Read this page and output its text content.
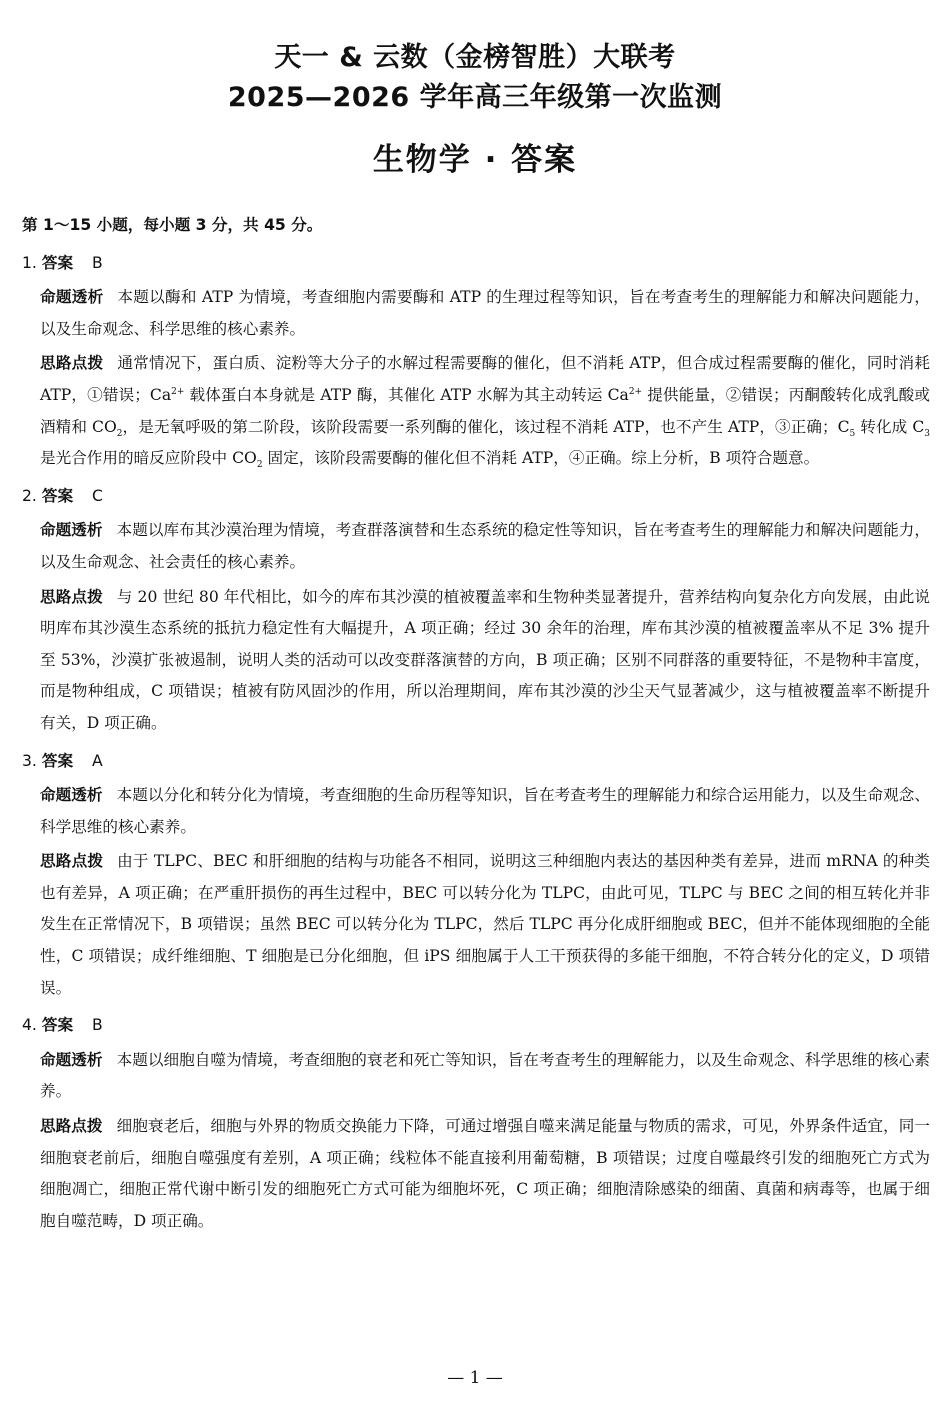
天一 & 云数（金榜智胜）大联考
2025—2026 学年高三年级第一次监测
生物学 · 答案
第 1～15 小题，每小题 3 分，共 45 分。
1. 答案 B
命题透析 本题以酶和 ATP 为情境，考查细胞内需要酶和 ATP 的生理过程等知识，旨在考查考生的理解能力和解决问题能力，以及生命观念、科学思维的核心素养。
思路点拨 通常情况下，蛋白质、淀粉等大分子的水解过程需要酶的催化，但不消耗 ATP，但合成过程需要酶的催化，同时消耗 ATP，①错误；$Ca^{2+}$ 载体蛋白本身就是 ATP 酶，其催化 ATP 水解为其主动转运 $Ca^{2+}$ 提供能量，②错误；丙酮酸转化成乳酸或酒精和 $CO_2$，是无氧呼吸的第二阶段，该阶段需要一系列酶的催化，该过程不消耗 ATP，也不产生 ATP，③正确；$C_5$ 转化成 $C_3$ 是光合作用的暗反应阶段中 $CO_2$ 固定，该阶段需要酶的催化但不消耗 ATP，④正确。综上分析，B 项符合题意。
2. 答案 C
命题透析 本题以库布其沙漠治理为情境，考查群落演替和生态系统的稳定性等知识，旨在考查考生的理解能力和解决问题能力，以及生命观念、社会责任的核心素养。
思路点拨 与 20 世纪 80 年代相比，如今的库布其沙漠的植被覆盖率和生物种类显著提升，营养结构向复杂化方向发展，由此说明库布其沙漠生态系统的抵抗力稳定性有大幅提升，A 项正确；经过 30 余年的治理，库布其沙漠的植被覆盖率从不足 3% 提升至 53%，沙漠扩张被遏制，说明人类的活动可以改变群落演替的方向，B 项正确；区别不同群落的重要特征，不是物种丰富度，而是物种组成，C 项错误；植被有防风固沙的作用，所以治理期间，库布其沙漠的沙尘天气显著减少，这与植被覆盖率不断提升有关，D 项正确。
3. 答案 A
命题透析 本题以分化和转分化为情境，考查细胞的生命历程等知识，旨在考查考生的理解能力和综合运用能力，以及生命观念、科学思维的核心素养。
思路点拨 由于 TLPC、BEC 和肝细胞的结构与功能各不相同，说明这三种细胞内表达的基因种类有差异，进而 mRNA 的种类也有差异，A 项正确；在严重肝损伤的再生过程中，BEC 可以转分化为 TLPC，由此可见，TLPC 与 BEC 之间的相互转化并非发生在正常情况下，B 项错误；虽然 BEC 可以转分化为 TLPC，然后 TLPC 再分化成肝细胞或 BEC，但并不能体现细胞的全能性，C 项错误；成纤维细胞、T 细胞是已分化细胞，但 iPS 细胞属于人工干预获得的多能干细胞，不符合转分化的定义，D 项错误。
4. 答案 B
命题透析 本题以细胞自噬为情境，考查细胞的衰老和死亡等知识，旨在考查考生的理解能力，以及生命观念、科学思维的核心素养。
思路点拨 细胞衰老后，细胞与外界的物质交换能力下降，可通过增强自噬来满足能量与物质的需求，可见，外界条件适宜，同一细胞衰老前后，细胞自噬强度有差别，A 项正确；线粒体不能直接利用葡萄糖，B 项错误；过度自噬最终引发的细胞死亡方式为细胞凋亡，细胞正常代谢中断引发的细胞死亡方式可能为细胞坏死，C 项正确；细胞清除感染的细菌、真菌和病毒等，也属于细胞自噬范畴，D 项正确。
— 1 —
